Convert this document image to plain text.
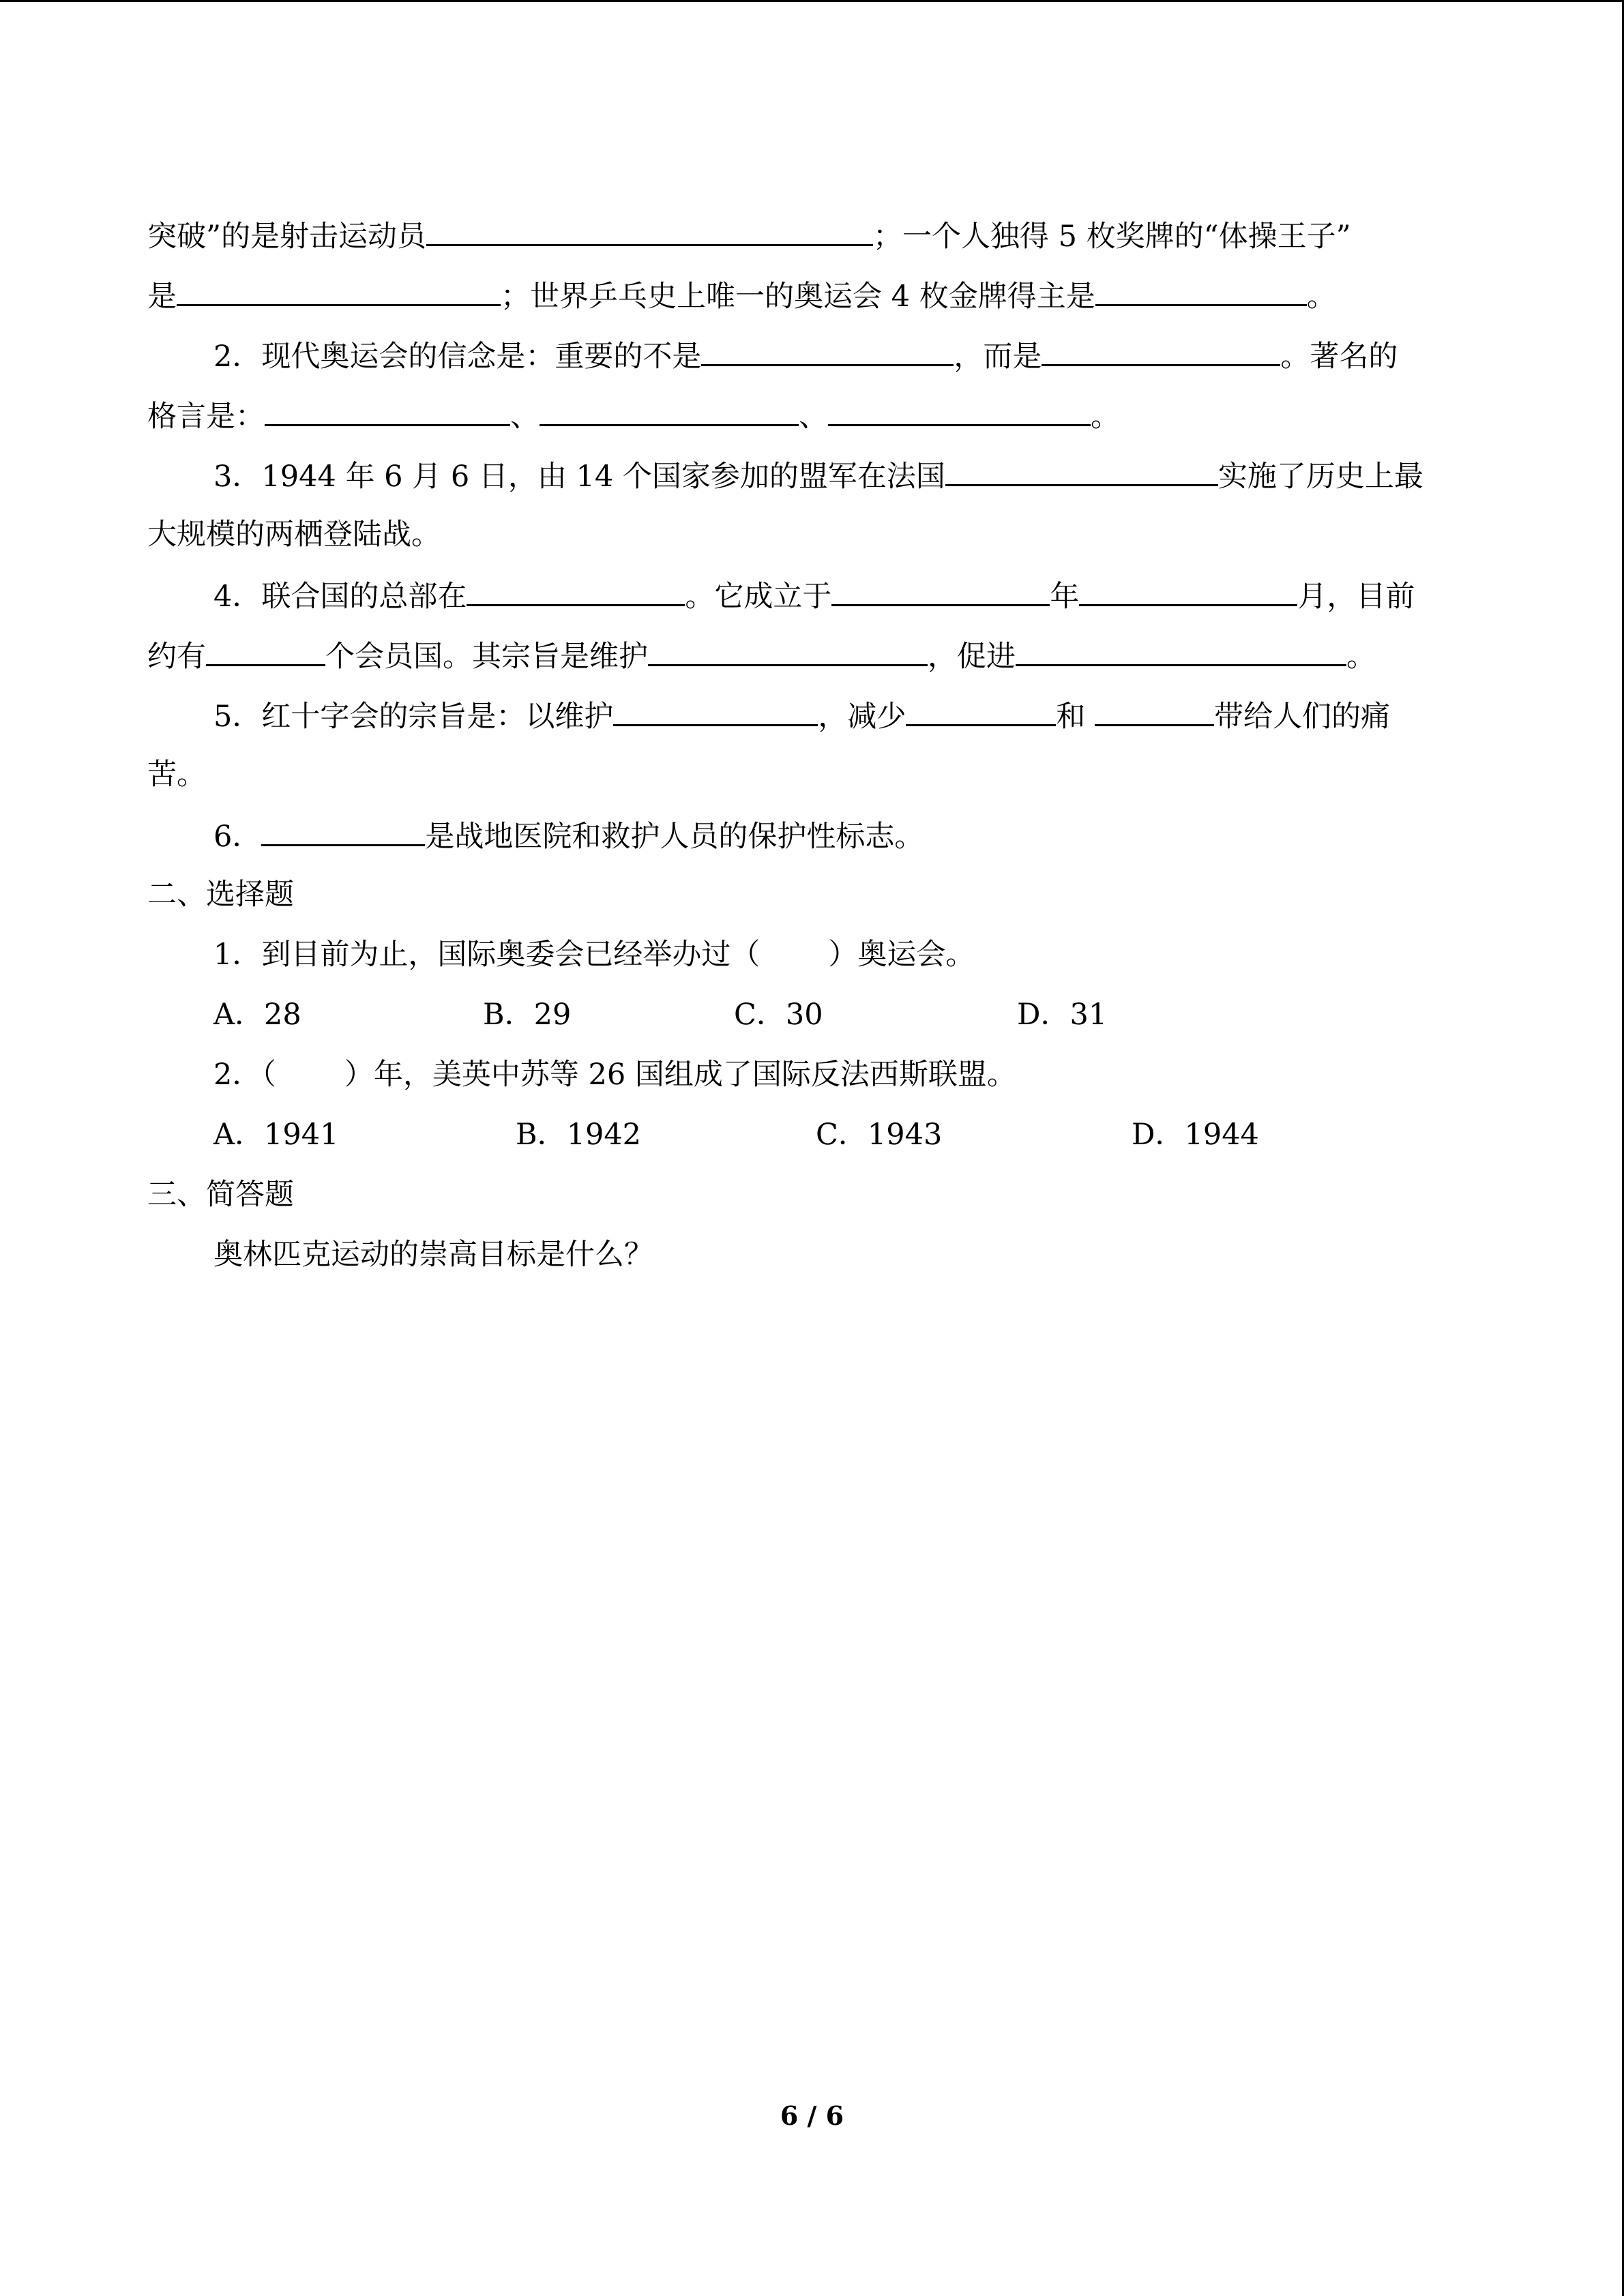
突破”的是射击运动员	；一个人独得 5 枚奖牌的“体操王子”
是	；世界乒乓史上唯一的奥运会 4 枚金牌得主是	。
2．现代奥运会的信念是：重要的不是	，而是	。著名的
格言是：	、	、	。
3．1944 年 6 月 6 日，由 14 个国家参加的盟军在法国	实施了历史上最
大规模的两栖登陆战。
4．联合国的总部在	。它成立于	年	月，目前
约有	个会员国。其宗旨是维护	，促进	。
5．红十字会的宗旨是：以维护	，减少	和	带给人们的痛
苦。
6．	是战地医院和救护人员的保护性标志。
二、选择题
1．到目前为止，国际奥委会已经举办过（ ）奥运会。
A．28	B．29	C．30	D．31
2．（ ）年，美英中苏等 26 国组成了国际反法西斯联盟。
A．1941	B．1942	C．1943	D．1944
三、简答题
奥林匹克运动的崇高目标是什么？
6 / 6
